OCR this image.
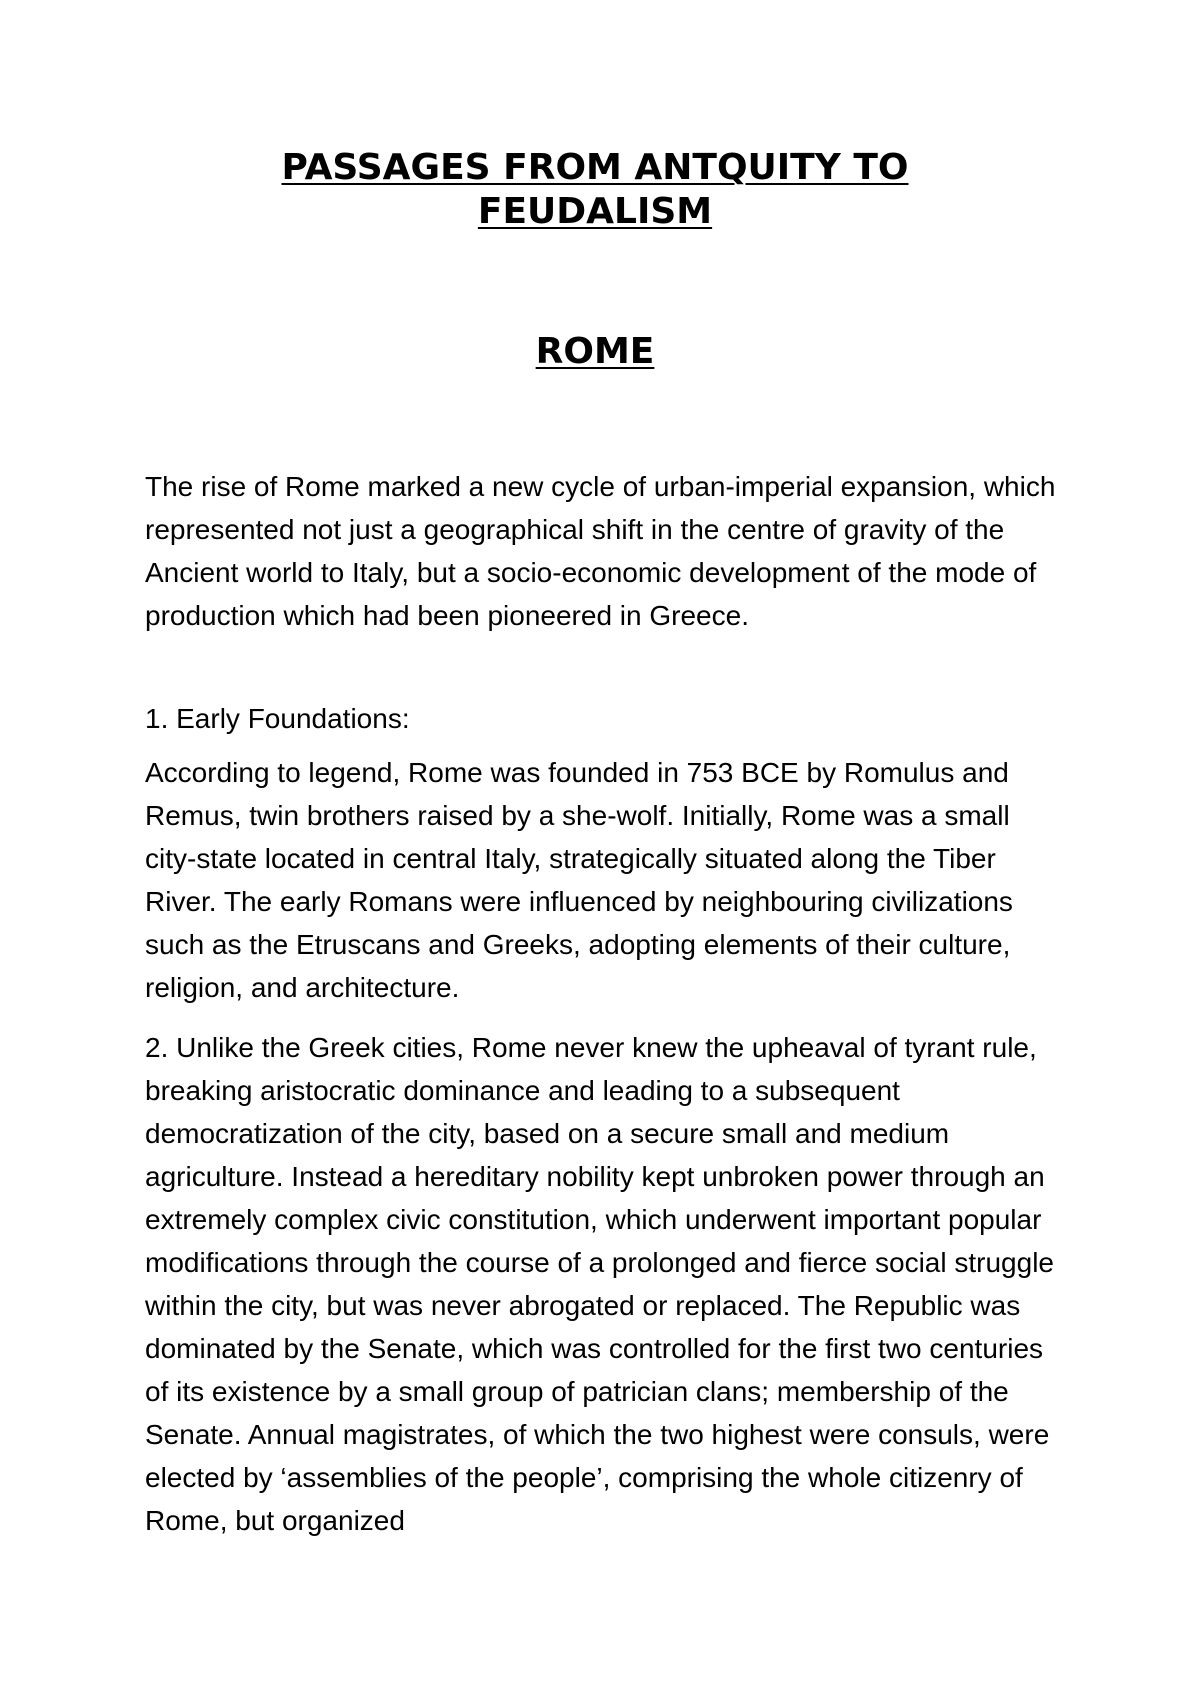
PASSAGES FROM ANTQUITY TO
FEUDALISM
ROME

The rise of Rome marked a new cycle of urban-imperial expansion, which represented not just a geographical shift in the centre of gravity of the Ancient world to Italy, but a socio-economic development of the mode of production which had been pioneered in Greece.

1. Early Foundations:

According to legend, Rome was founded in 753 BCE by Romulus and Remus, twin brothers raised by a she-wolf. Initially, Rome was a small city-state located in central Italy, strategically situated along the Tiber River. The early Romans were influenced by neighbouring civilizations such as the Etruscans and Greeks, adopting elements of their culture, religion, and architecture.

2. Unlike the Greek cities, Rome never knew the upheaval of tyrant rule, breaking aristocratic dominance and leading to a subsequent democratization of the city, based on a secure small and medium agriculture. Instead a hereditary nobility kept unbroken power through an extremely complex civic constitution, which underwent important popular modifications through the course of a prolonged and fierce social struggle within the city, but was never abrogated or replaced. The Republic was dominated by the Senate, which was controlled for the first two centuries of its existence by a small group of patrician clans; membership of the Senate. Annual magistrates, of which the two highest were consuls, were elected by ‘assemblies of the people’, comprising the whole citizenry of Rome, but organized
